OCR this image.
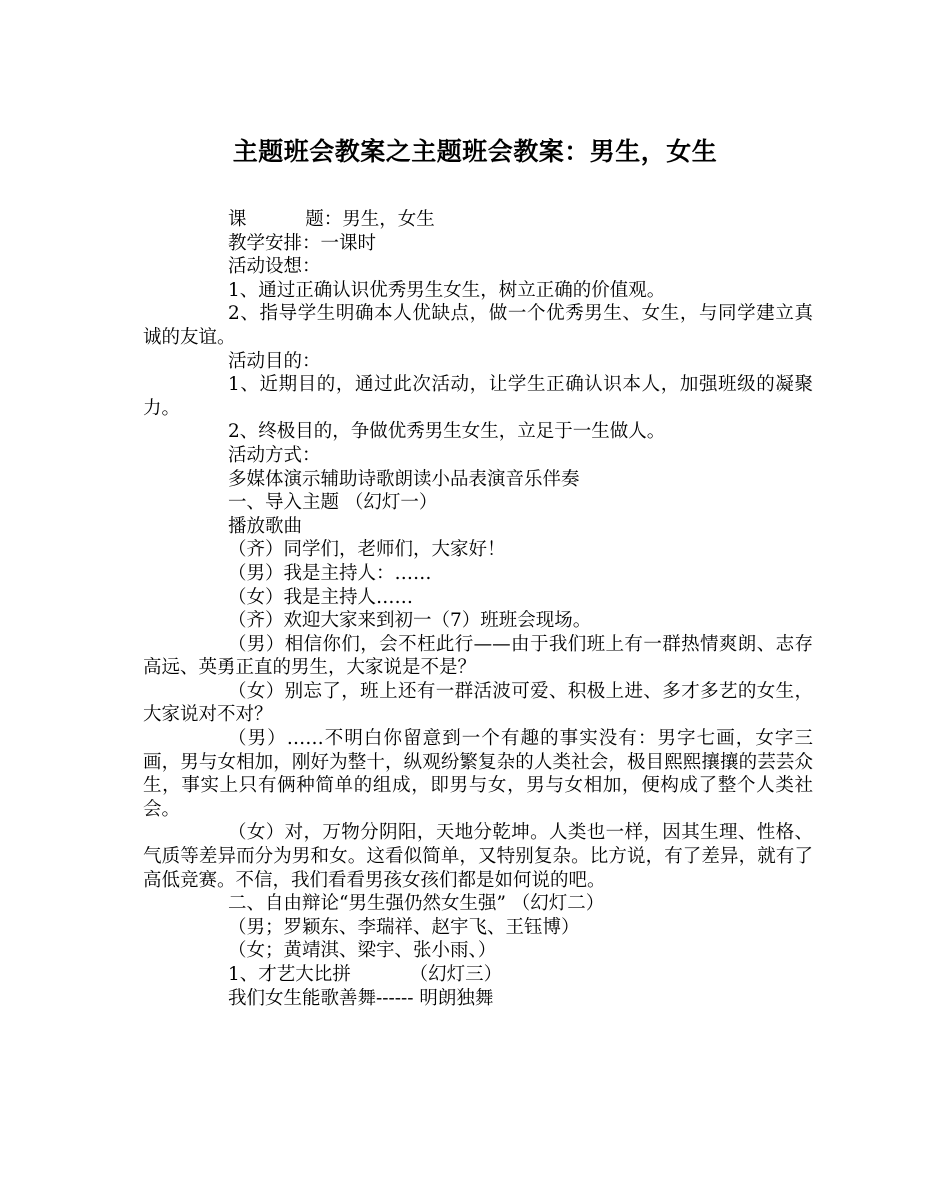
主题班会教案之主题班会教案：男生，女生

课          题：男生，女生

教学安排：一课时

活动设想：

1、通过正确认识优秀男生女生，树立正确的价值观。

2、指导学生明确本人优缺点，做一个优秀男生、女生，与同学建立真诚的友谊。

活动目的：

1、近期目的，通过此次活动，让学生正确认识本人，加强班级的凝聚力。

2、终极目的，争做优秀男生女生，立足于一生做人。

活动方式：

多媒体演示辅助诗歌朗读小品表演音乐伴奏

一、导入主题 （幻灯一）

播放歌曲

（齐）同学们，老师们，大家好！

（男）我是主持人：……

（女）我是主持人……

（齐）欢迎大家来到初一（7）班班会现场。

（男）相信你们，会不枉此行——由于我们班上有一群热情爽朗、志存高远、英勇正直的男生，大家说是不是？

（女）别忘了，班上还有一群活波可爱、积极上进、多才多艺的女生，大家说对不对？

（男）……不明白你留意到一个有趣的事实没有：男字七画，女字三画，男与女相加，刚好为整十，纵观纷繁复杂的人类社会，极目熙熙攘攘的芸芸众生，事实上只有俩种简单的组成，即男与女，男与女相加，便构成了整个人类社会。

（女）对，万物分阴阳，天地分乾坤。人类也一样，因其生理、性格、气质等差异而分为男和女。这看似简单，又特别复杂。比方说，有了差异，就有了高低竞赛。不信，我们看看男孩女孩们都是如何说的吧。

二、自由辩论“男生强仍然女生强” （幻灯二）

（男；罗颖东、李瑞祥、赵宇飞、王钰博）

（女；黄靖淇、梁宇、张小雨、）

1、才艺大比拼          （幻灯三）

我们女生能歌善舞------ 明朗独舞
